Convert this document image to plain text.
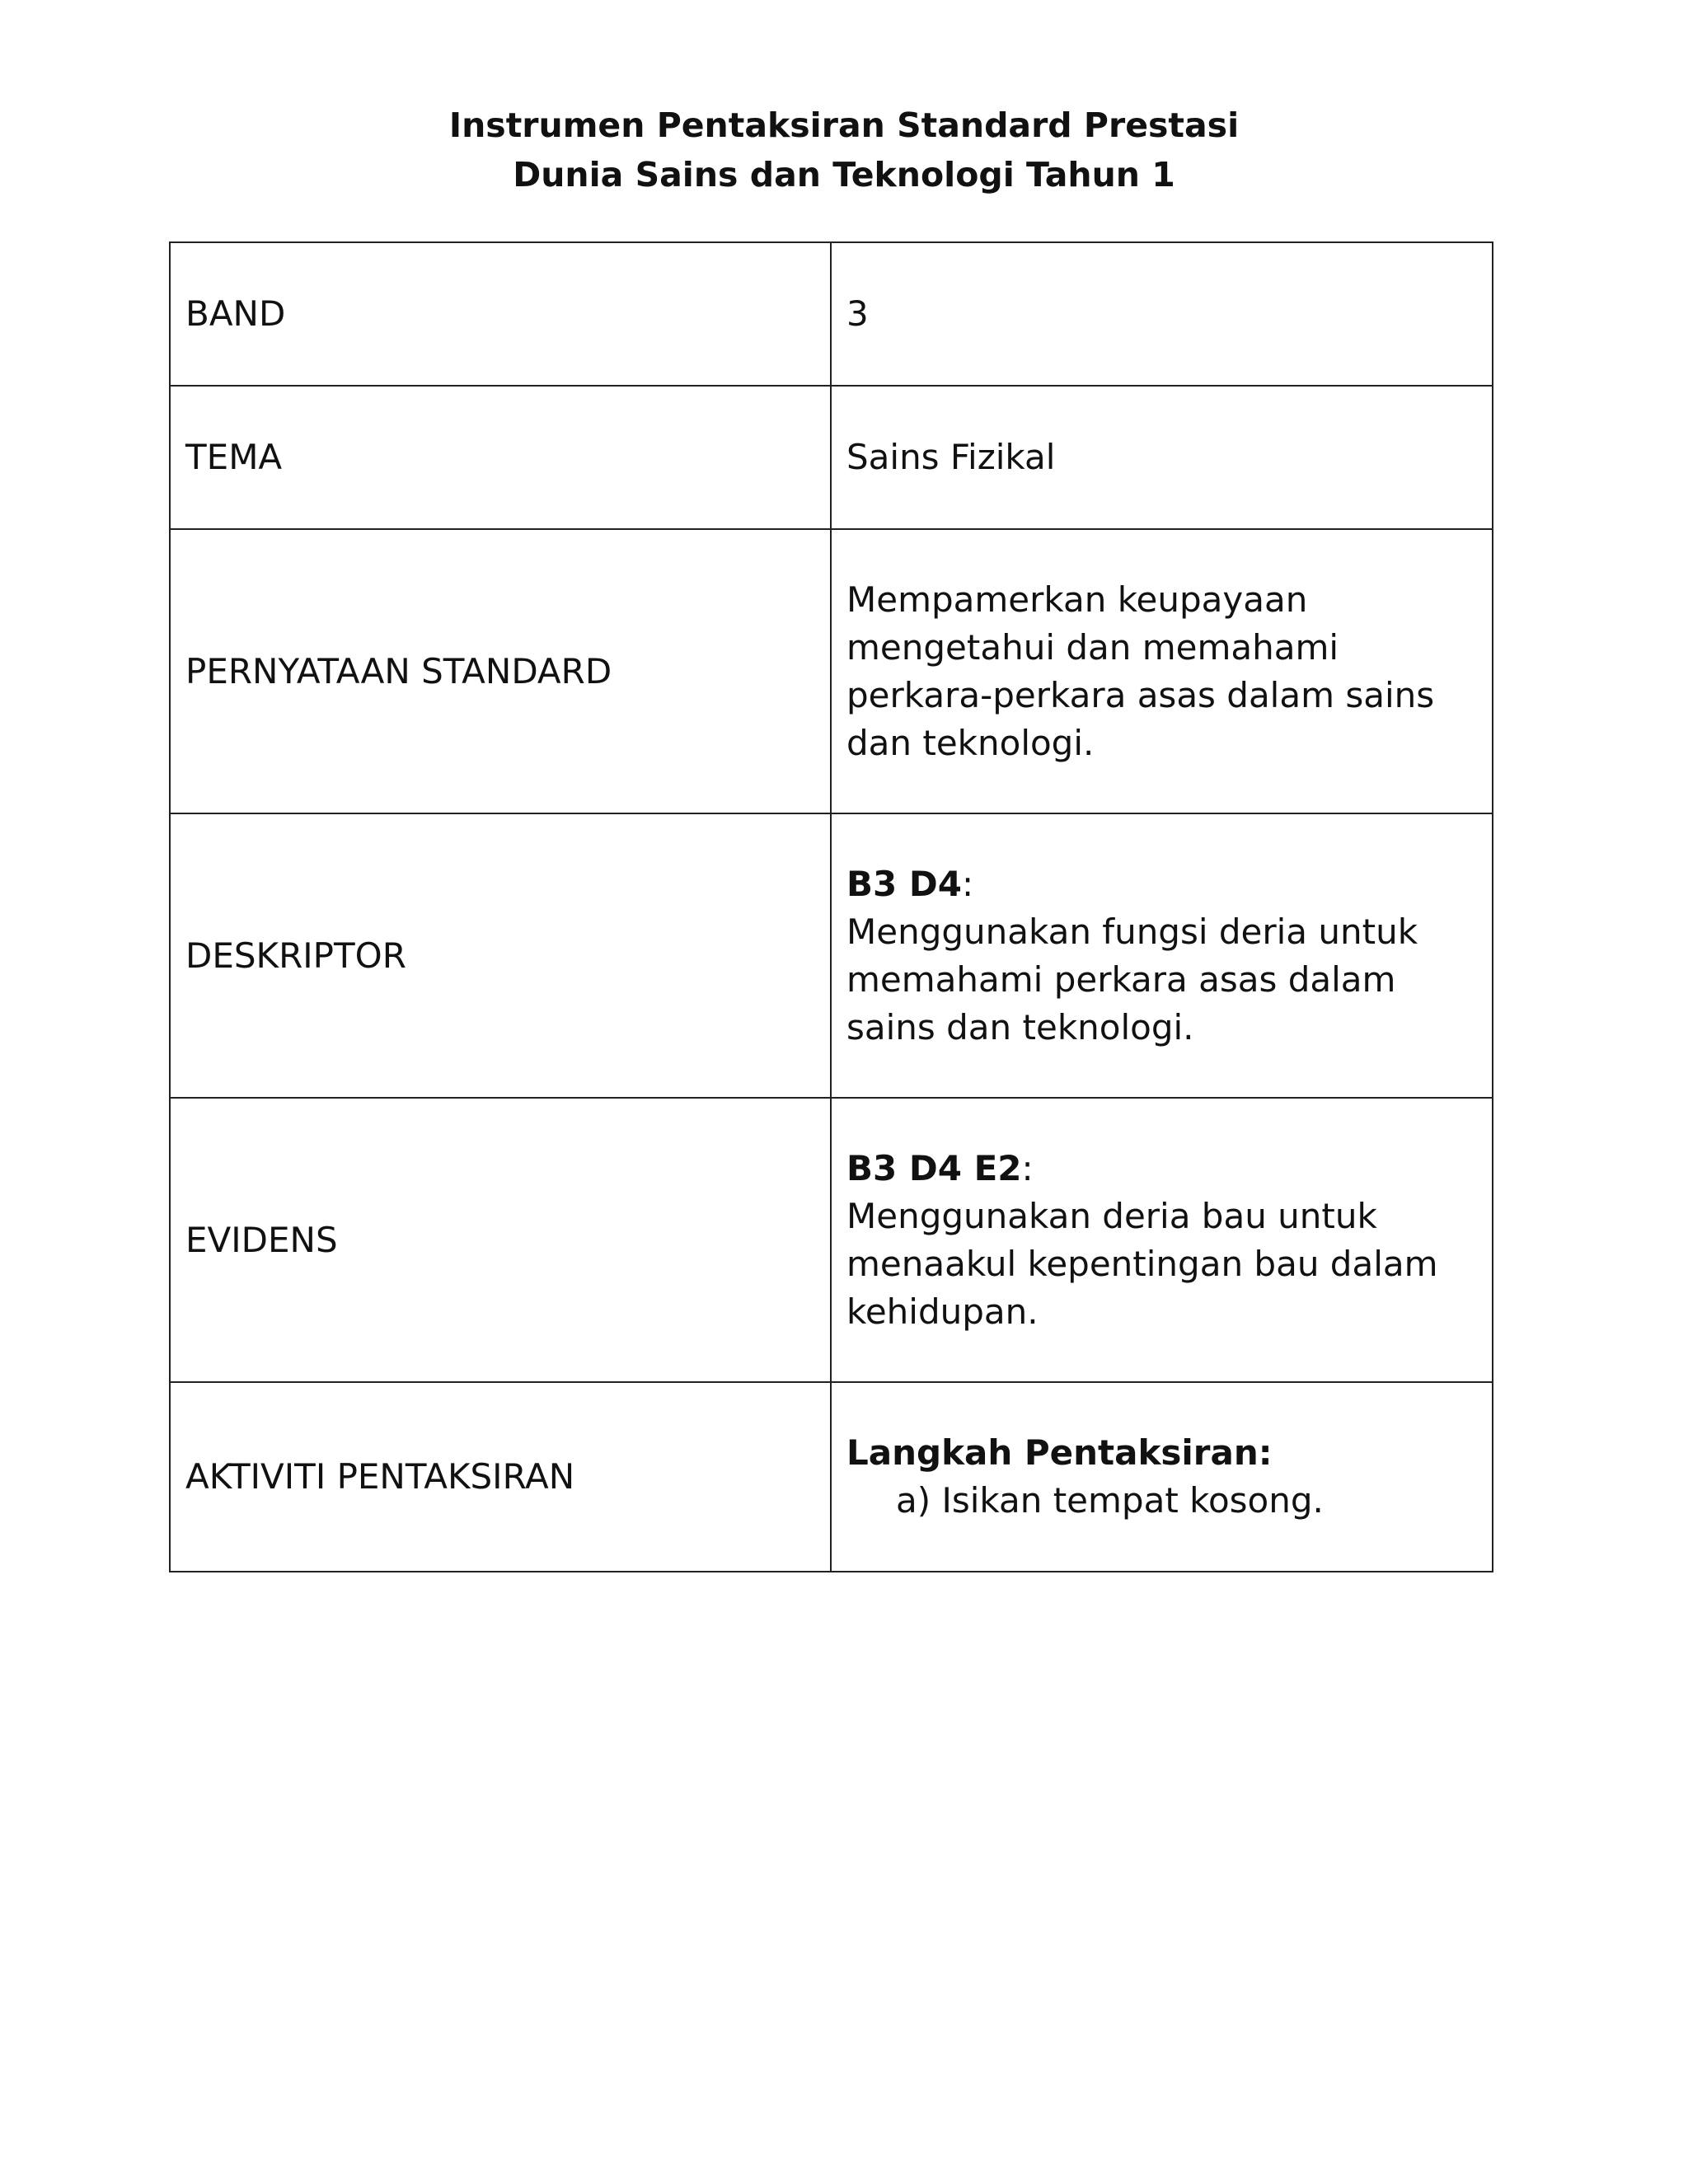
Instrumen Pentaksiran Standard Prestasi
Dunia Sains dan Teknologi Tahun 1
BAND	3

TEMA	Sains Fizikal

PERNYATAAN STANDARD	Mempamerkan keupayaan mengetahui dan memahami perkara-perkara asas dalam sains dan teknologi.

DESKRIPTOR	B3 D4:
Menggunakan fungsi deria untuk memahami perkara asas dalam sains dan teknologi.

EVIDENS	B3 D4 E2:
Menggunakan deria bau untuk menaakul kepentingan bau dalam kehidupan.

AKTIVITI PENTAKSIRAN	Langkah Pentaksiran:
a) Isikan tempat kosong.
